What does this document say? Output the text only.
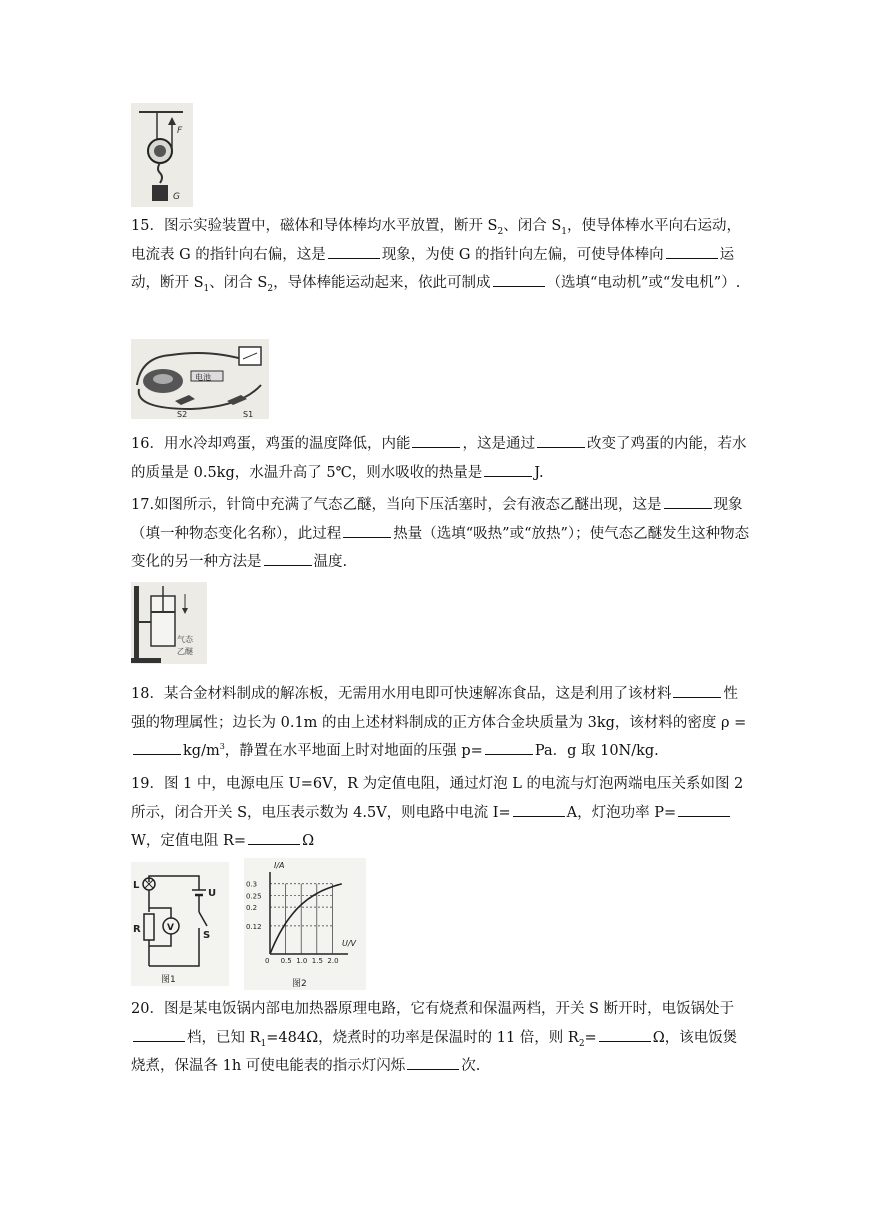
F
G

15．图示实验装置中，磁体和导体棒均水平放置，断开 $S_2$、闭合 $S_1$，使导体棒水平向右运动，电流表 G 的指针向右偏，这是	现象，为使 G 的指针向左偏，可使导体棒向	运动，断开 $S_1$、闭合 $S_2$，导体棒能运动起来，依此可制成	（选填“电动机”或“发电机”）.

电池
S2	S1

16．用水冷却鸡蛋，鸡蛋的温度降低，内能	，这是通过	改变了鸡蛋的内能，若水的质量是 0.5kg，水温升高了 5℃，则水吸收的热量是	J.

17.如图所示，针筒中充满了气态乙醚，当向下压活塞时，会有液态乙醚出现，这是	现象（填一种物态变化名称），此过程	热量（选填“吸热”或“放热”）；使气态乙醚发生这种物态变化的另一种方法是	温度.

气态
乙醚

18．某合金材料制成的解冻板，无需用水用电即可快速解冻食品，这是利用了该材料	性强的物理属性；边长为 0.1m 的由上述材料制成的正方体合金块质量为 3kg，该材料的密度 $\rho =kg/m^3$，静置在水平地面上时对地面的压强 p=	Pa．g 取 10N/kg.

19．图 1 中，电源电压 U=6V，R 为定值电阻，通过灯泡 L 的电流与灯泡两端电压关系如图 2 所示，闭合开关 S，电压表示数为 4.5V，则电路中电流 I=	A，灯泡功率 P=W，定值电阻 R=	Ω

L
U
S
R	V
图1
I/A
U/V
0.3
0.25
0.2
0.12
0 0.5 1.0 1.5 2.0
图2

20．图是某电饭锅内部电加热器原理电路，它有烧煮和保温两档，开关 S 断开时，电饭锅处于档，已知 $R_1=484\Omega$，烧煮时的功率是保温时的 11 倍，则 $R_2=$	Ω，该电饭煲烧煮，保温各 1h 可使电能表的指示灯闪烁	次.
